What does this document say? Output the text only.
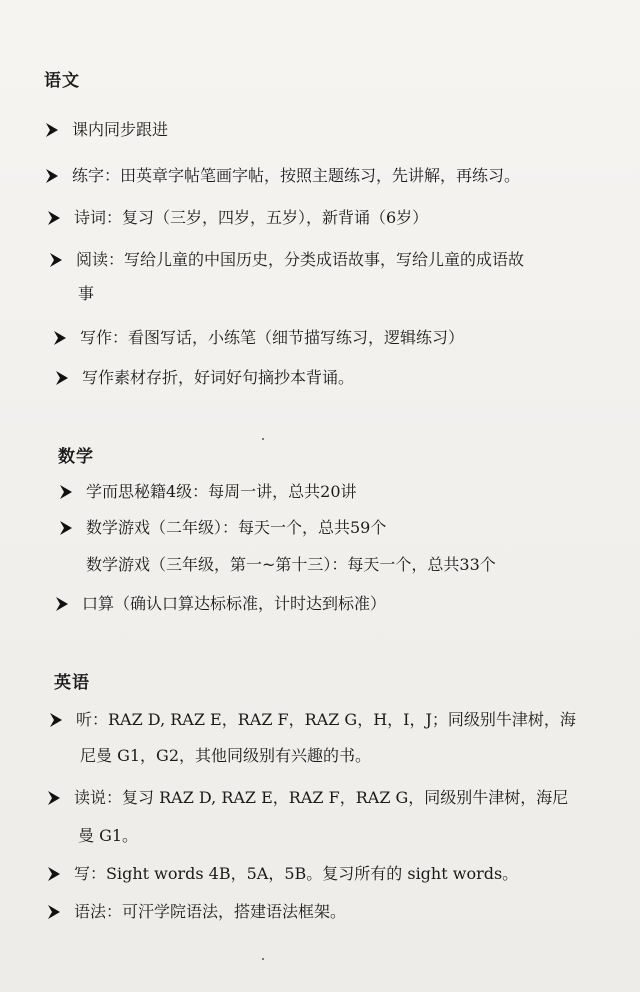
语文
课内同步跟进
练字：田英章字帖笔画字帖，按照主题练习，先讲解，再练习。
诗词：复习（三岁，四岁，五岁），新背诵（6岁）
阅读：写给儿童的中国历史，分类成语故事，写给儿童的成语故
事
写作：看图写话，小练笔（细节描写练习，逻辑练习）
写作素材存折，好词好句摘抄本背诵。
数学
学而思秘籍4级：每周一讲，总共20讲
数学游戏（二年级）：每天一个，总共59个
数学游戏（三年级，第一~第十三）：每天一个，总共33个
口算（确认口算达标标准，计时达到标准）
英语
听：RAZ D, RAZ E，RAZ F，RAZ G，H，I，J；同级别牛津树，海
尼曼 G1，G2，其他同级别有兴趣的书。
读说：复习 RAZ D, RAZ E，RAZ F，RAZ G，同级别牛津树，海尼
曼 G1。
写：Sight words 4B，5A，5B。复习所有的 sight words。
语法：可汗学院语法，搭建语法框架。
